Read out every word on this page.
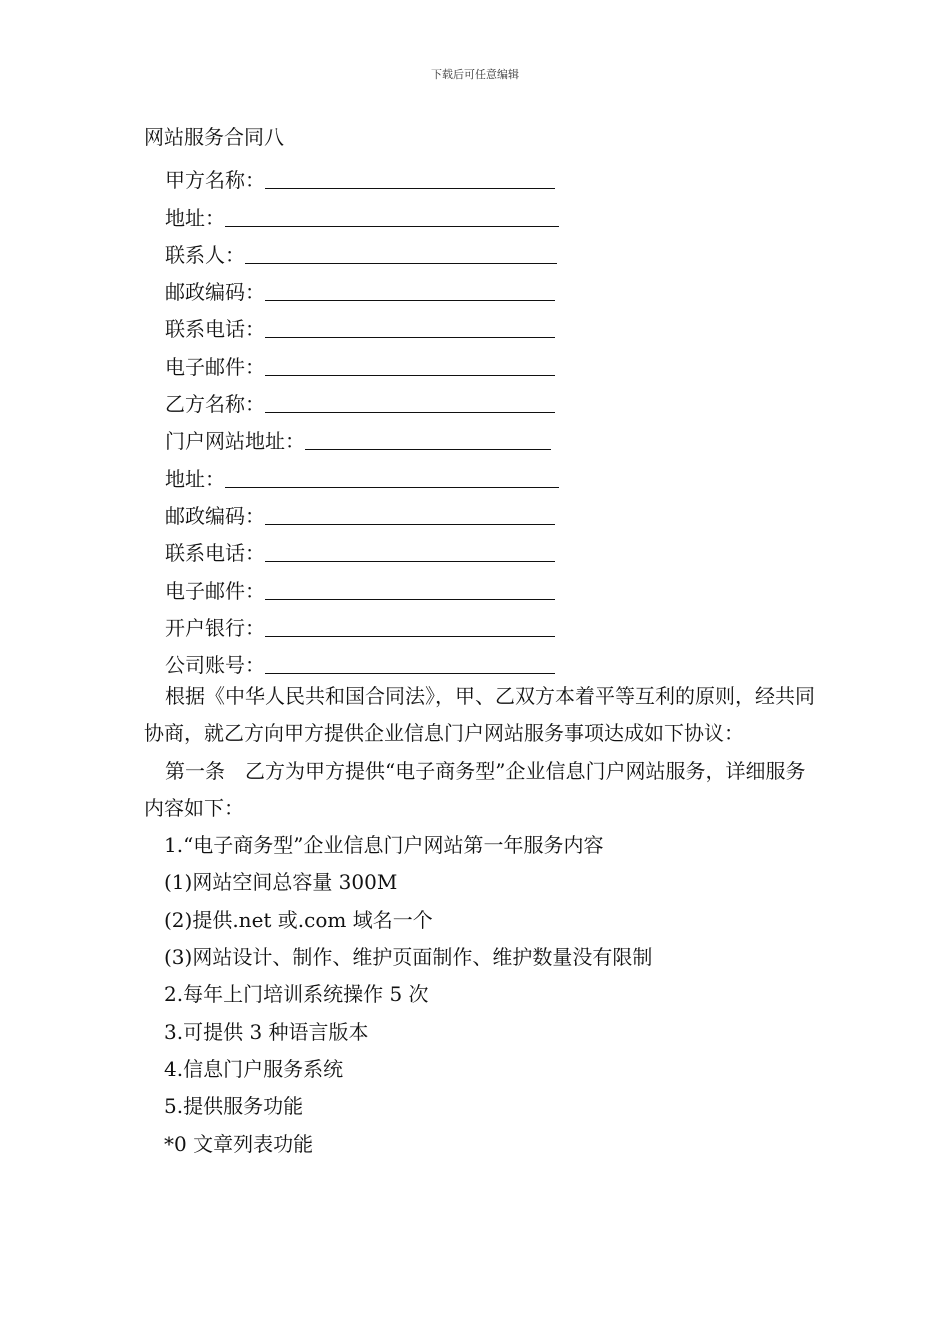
下载后可任意编辑
网站服务合同八
甲方名称：
地址：
联系人：
邮政编码：
联系电话：
电子邮件：
乙方名称：
门户网站地址：
地址：
邮政编码：
联系电话：
电子邮件：
开户银行：
公司账号：

根据《中华人民共和国合同法》，甲、乙双方本着平等互利的原则，经共同协商，就乙方向甲方提供企业信息门户网站服务事项达成如下协议：

第一条　乙方为甲方提供“电子商务型”企业信息门户网站服务，详细服务内容如下：

1.“电子商务型”企业信息门户网站第一年服务内容

(1)网站空间总容量 300M

(2)提供.net 或.com 域名一个

(3)网站设计、制作、维护页面制作、维护数量没有限制

2.每年上门培训系统操作 5 次

3.可提供 3 种语言版本

4.信息门户服务系统

5.提供服务功能

*0 文章列表功能
